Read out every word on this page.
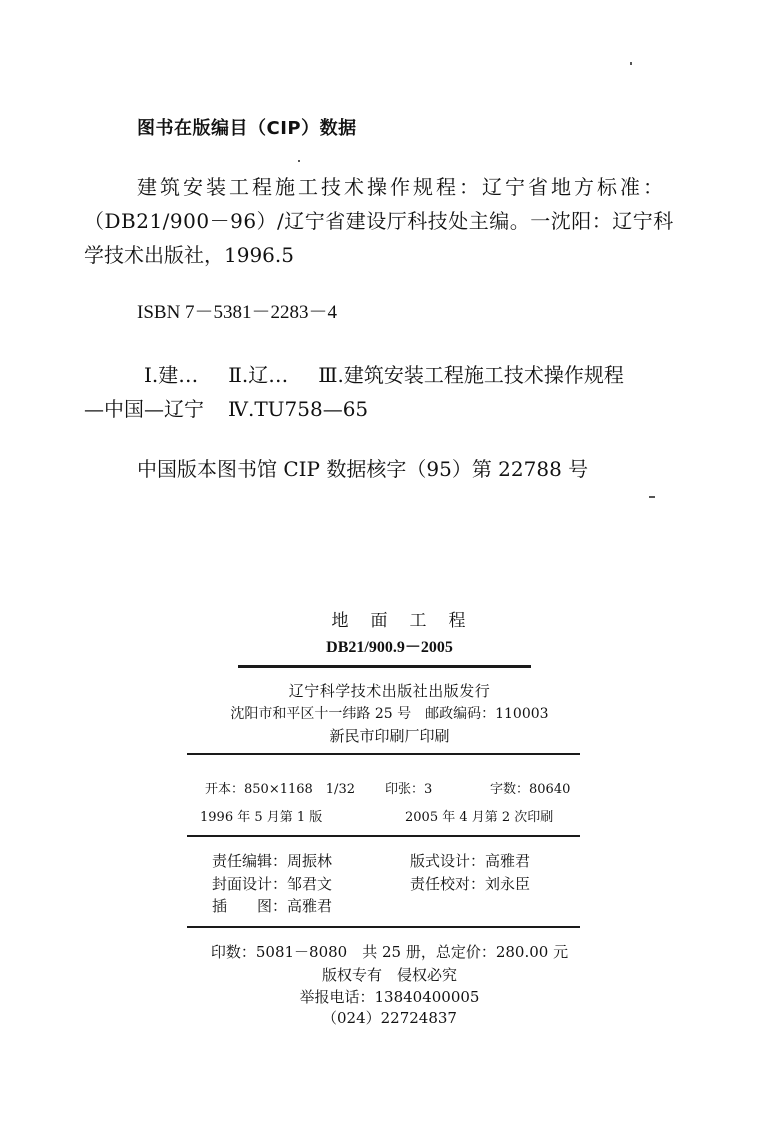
图书在版编目（CIP）数据
建筑安装工程施工技术操作规程：辽宁省地方标准：
（DB21/900－96）/辽宁省建设厅科技处主编。一沈阳：辽宁科
学技术出版社，1996.5
ISBN 7－5381－2283－4
Ⅰ.建… Ⅱ.辽… Ⅲ.建筑安装工程施工技术操作规程
—中国—辽宁 Ⅳ.TU758—65
中国版本图书馆 CIP 数据核字（95）第 22788 号
地面工程
DB21/900.9－2005
辽宁科学技术出版社出版发行
沈阳市和平区十一纬路 25 号　邮政编码：110003
新民市印刷厂印刷
开本：850×1168　1/32 印张：3	字数：80640
1996 年 5 月第 1 版	2005 年 4 月第 2 次印刷
责任编辑：周振林	版式设计：高雅君
封面设计：邹君文	责任校对：刘永臣
插 图：高雅君
印数：5081－8080　共 25 册，总定价：280.00 元
版权专有　侵权必究
举报电话：13840400005
（024）22724837
